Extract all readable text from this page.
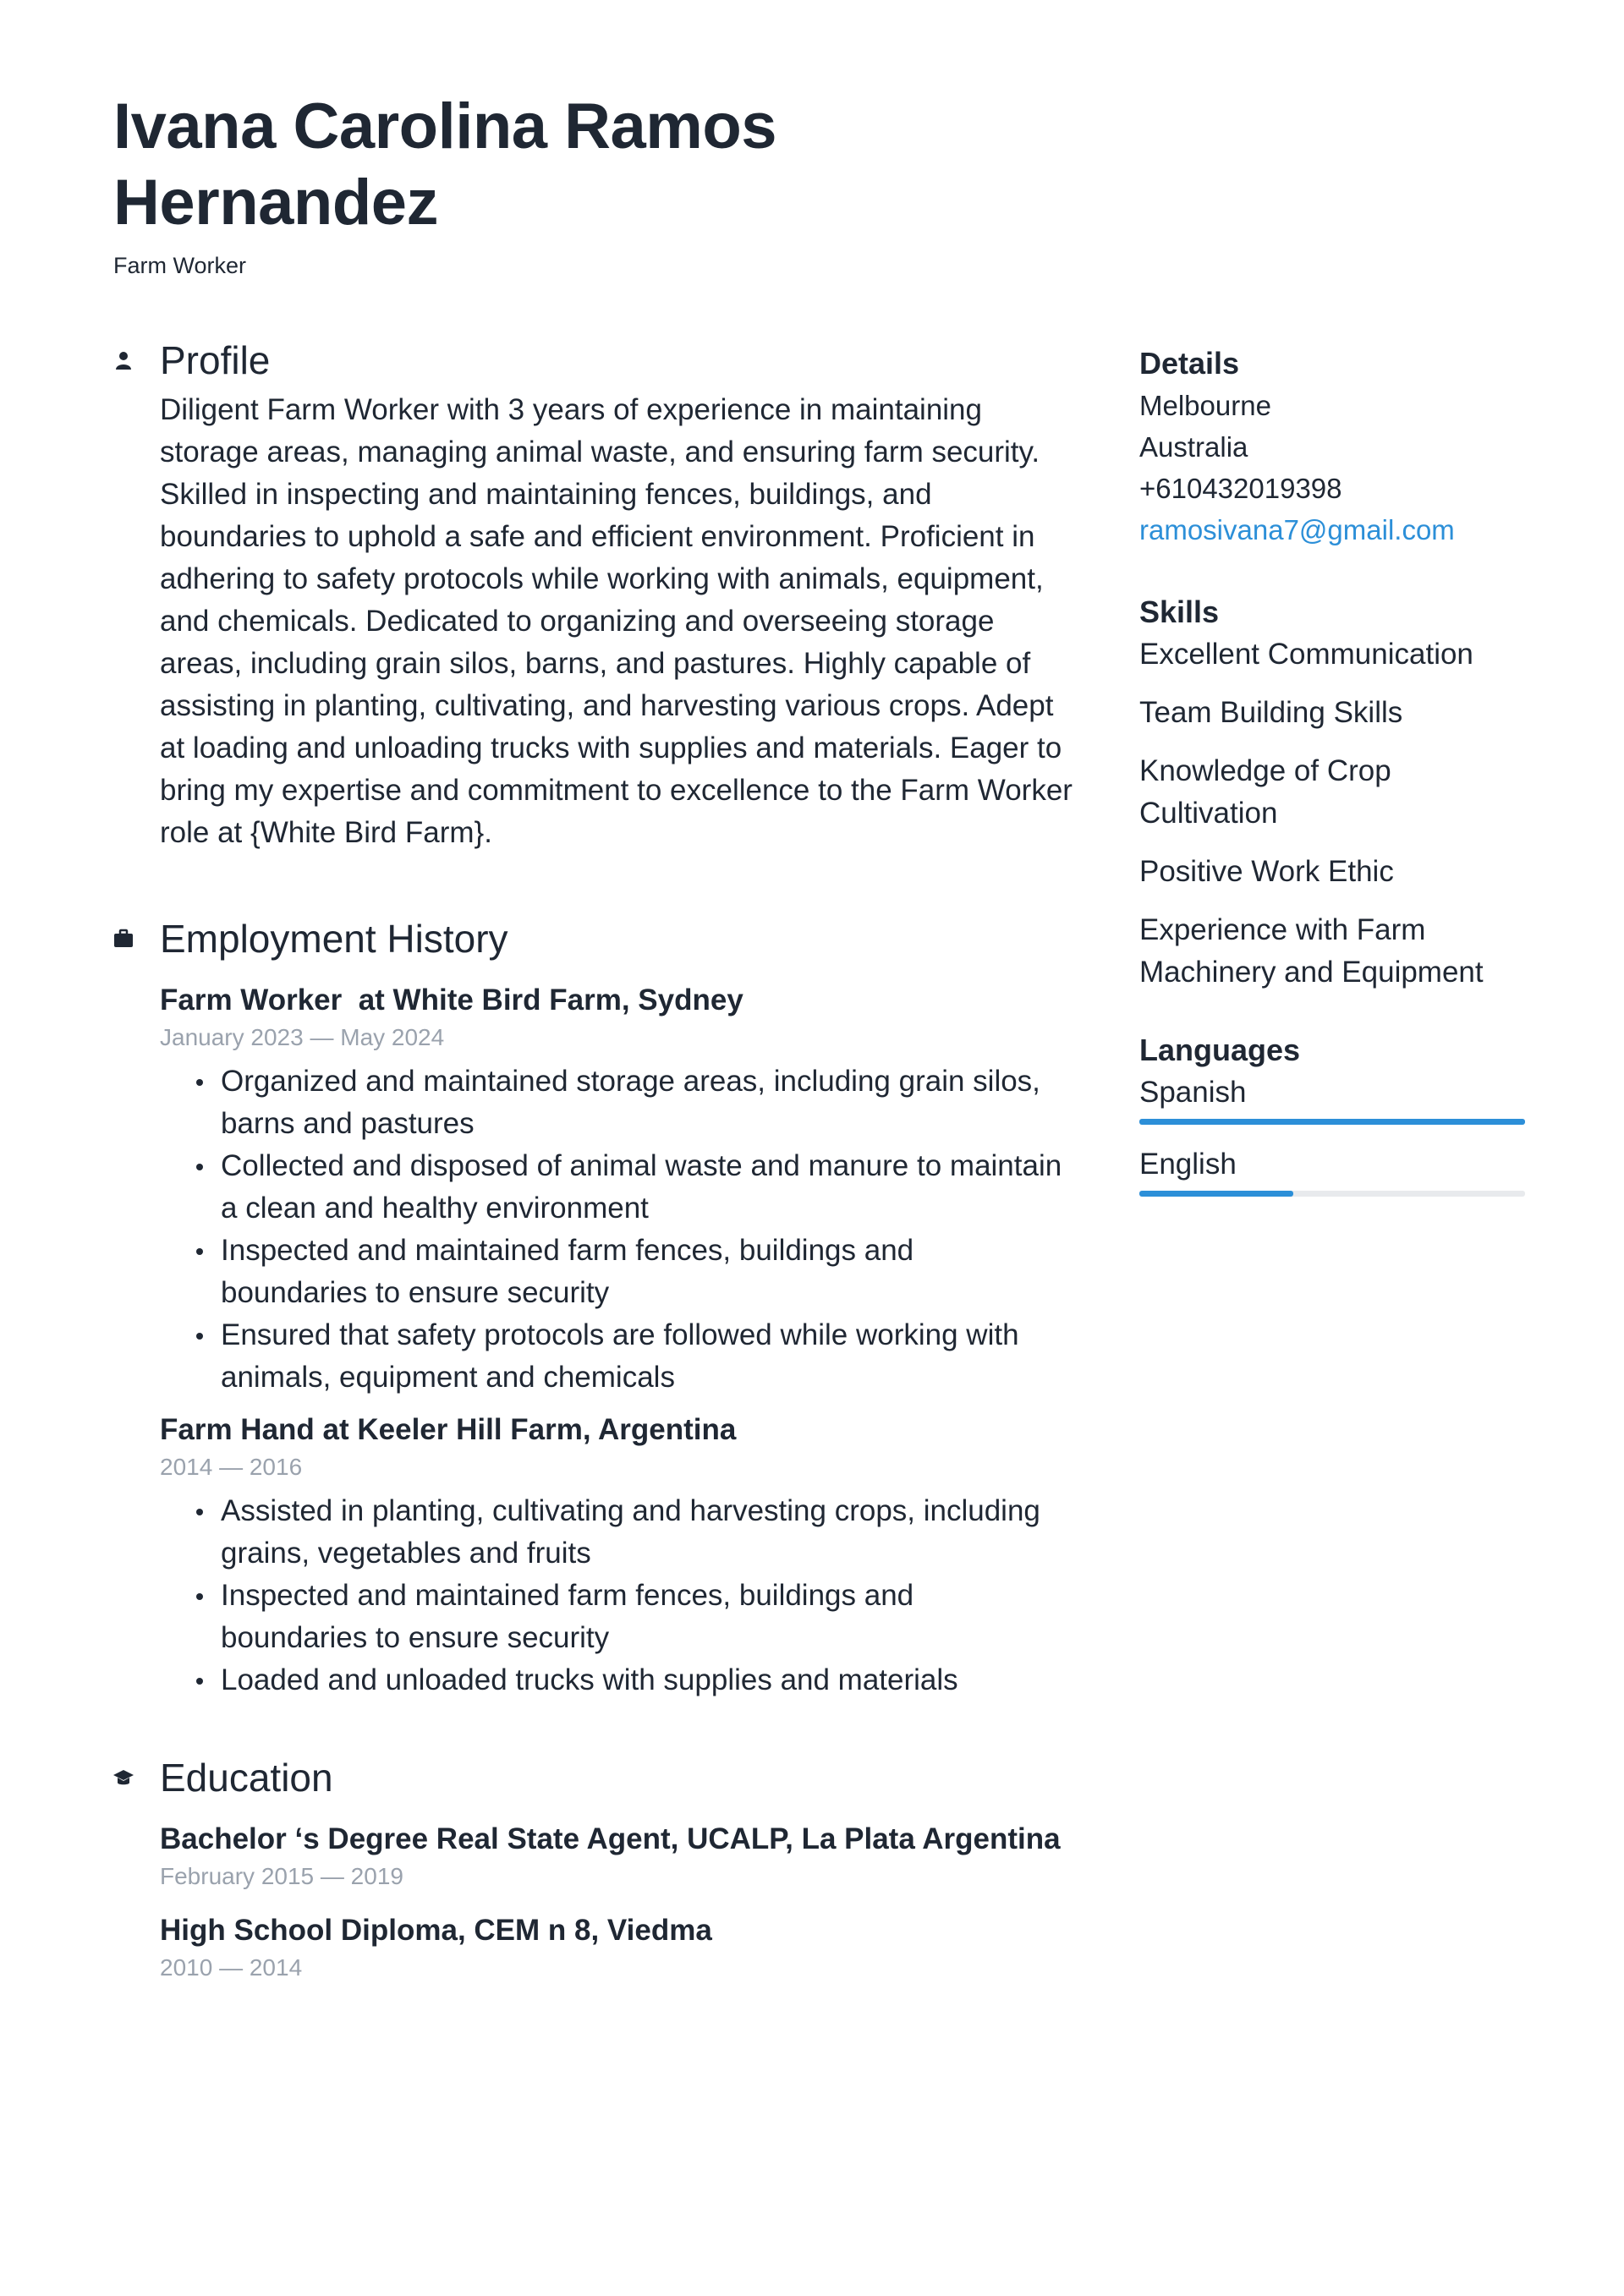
Ivana Carolina Ramos
Hernandez
Farm Worker
Profile
Diligent Farm Worker with 3 years of experience in maintaining storage areas, managing animal waste, and ensuring farm security. Skilled in inspecting and maintaining fences, buildings, and boundaries to uphold a safe and efficient environment. Proficient in adhering to safety protocols while working with animals, equipment, and chemicals. Dedicated to organizing and overseeing storage areas, including grain silos, barns, and pastures. Highly capable of assisting in planting, cultivating, and harvesting various crops. Adept at loading and unloading trucks with supplies and materials. Eager to bring my expertise and commitment to excellence to the Farm Worker role at {White Bird Farm}.
Employment History
Farm Worker  at White Bird Farm, Sydney
January 2023 — May 2024
Organized and maintained storage areas, including grain silos, barns and pastures
Collected and disposed of animal waste and manure to maintain a clean and healthy environment
Inspected and maintained farm fences, buildings and boundaries to ensure security
Ensured that safety protocols are followed while working with animals, equipment and chemicals
Farm Hand at Keeler Hill Farm, Argentina
2014 — 2016
Assisted in planting, cultivating and harvesting crops, including grains, vegetables and fruits
Inspected and maintained farm fences, buildings and boundaries to ensure security
Loaded and unloaded trucks with supplies and materials
Education
Bachelor ‘s Degree Real State Agent, UCALP, La Plata Argentina
February 2015 — 2019
High School Diploma, CEM n 8, Viedma
2010 — 2014
Details
Melbourne
Australia
+610432019398
ramosivana7@gmail.com
Skills
Excellent Communication
Team Building Skills
Knowledge of Crop Cultivation
Positive Work Ethic
Experience with Farm Machinery and Equipment
Languages
Spanish
English
